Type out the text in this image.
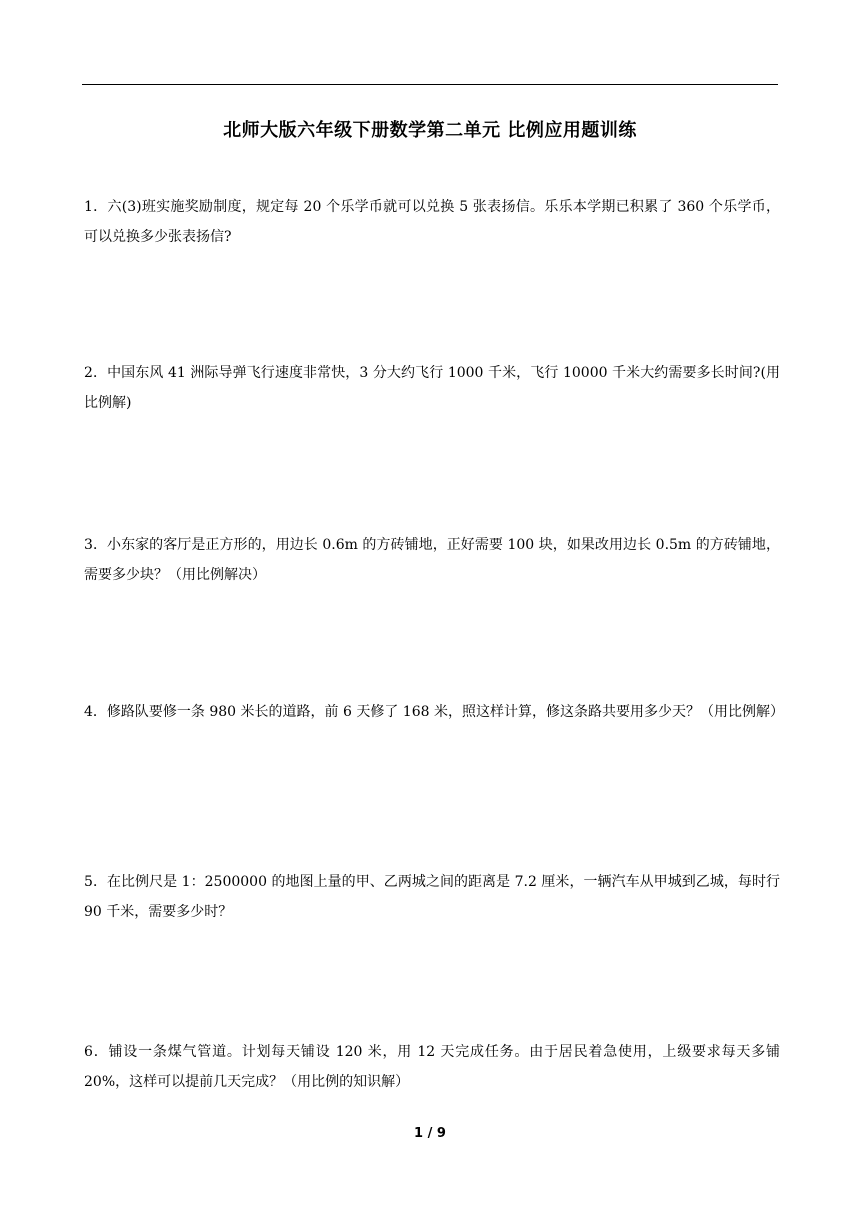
北师大版六年级下册数学第二单元 比例应用题训练
1．六(3)班实施奖励制度，规定每 20 个乐学币就可以兑换 5 张表扬信。乐乐本学期已积累了 360 个乐学币，可以兑换多少张表扬信?
2．中国东风 41 洲际导弹飞行速度非常快，3 分大约飞行 1000 千米，飞行 10000 千米大约需要多长时间?(用比例解)
3．小东家的客厅是正方形的，用边长 0.6m 的方砖铺地，正好需要 100 块，如果改用边长 0.5m 的方砖铺地，需要多少块？（用比例解决）
4．修路队要修一条 980 米长的道路，前 6 天修了 168 米，照这样计算，修这条路共要用多少天？（用比例解）
5．在比例尺是 1：2500000 的地图上量的甲、乙两城之间的距离是 7.2 厘米，一辆汽车从甲城到乙城，每时行 90 千米，需要多少时？
6．铺设一条煤气管道。计划每天铺设 120 米，用 12 天完成任务。由于居民着急使用，上级要求每天多铺 20%，这样可以提前几天完成？（用比例的知识解）
1 / 9
